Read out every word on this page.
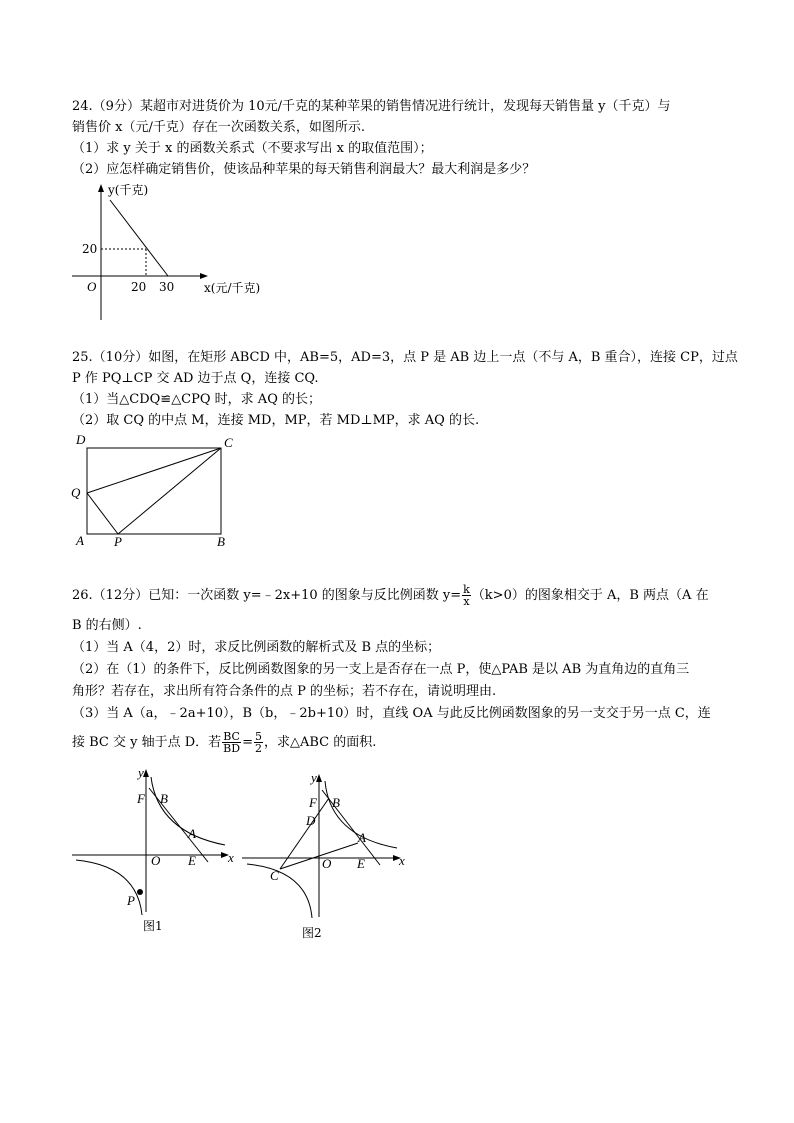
24.（9分）某超市对进货价为 10元/千克的某种苹果的销售情况进行统计，发现每天销售量 y（千克）与
销售价 x（元/千克）存在一次函数关系，如图所示.
（1）求 y 关于 x 的函数关系式（不要求写出 x 的取值范围）；
（2）应怎样确定销售价，使该品种苹果的每天销售利润最大？最大利润是多少？
y(千克)
20
O	20 30 x(元/千克)
25.（10分）如图，在矩形 ABCD 中，AB=5，AD=3，点 P 是 AB 边上一点（不与 A，B 重合），连接 CP，过点
P 作 PQ⊥CP 交 AD 边于点 Q，连接 CQ.
（1）当△CDQ≌△CPQ 时，求 AQ 的长；
（2）取 CQ 的中点 M，连接 MD，MP，若 MD⊥MP，求 AQ 的长.
D	C
Q
A P	B
26.（12分）已知：一次函数 y=﹣2x+10 的图象与反比例函数 $y= \frac{k}{x} (k>0)$的图象相交于 A，B 两点（A 在
B 的右侧）.
（1）当 A（4，2）时，求反比例函数的解析式及 B 点的坐标；
（2）在（1）的条件下，反比例函数图象的另一支上是否存在一点 P，使△PAB 是以 AB 为直角边的直角三
角形？若存在，求出所有符合条件的点 P 的坐标；若不存在，请说明理由.
（3）当 A（a，﹣2a+10），B（b，﹣2b+10）时，直线 OA 与此反比例函数图象的另一支交于另一点 C，连
接 BC 交 y 轴于点 D．若 $\frac{BC}{BD} = \frac{5}{2}$ ，求△ABC 的面积.
y
x
F B
A
O E
P
图1
y
x
F B
D
A
O E
C
图2
